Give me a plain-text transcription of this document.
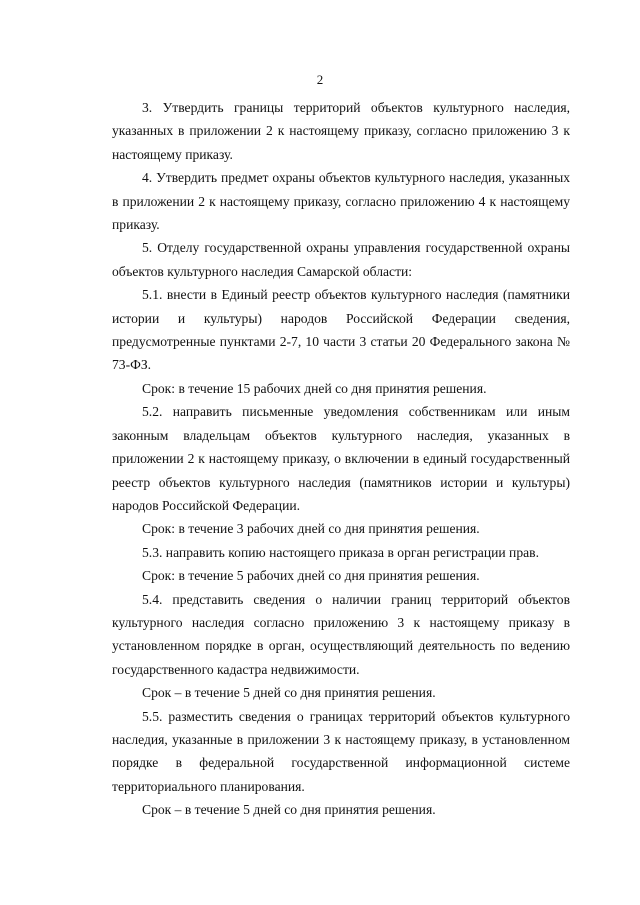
2

3. Утвердить границы территорий объектов культурного наследия, указанных в приложении 2 к настоящему приказу, согласно приложению 3 к настоящему приказу.

4. Утвердить предмет охраны объектов культурного наследия, указанных в приложении 2 к настоящему приказу, согласно приложению 4 к настоящему приказу.

5. Отделу государственной охраны управления государственной охраны объектов культурного наследия Самарской области:

5.1. внести в Единый реестр объектов культурного наследия (памятники истории и культуры) народов Российской Федерации сведения, предусмотренные пунктами 2-7, 10 части 3 статьи 20 Федерального закона № 73-ФЗ.

Срок: в течение 15 рабочих дней со дня принятия решения.

5.2. направить письменные уведомления собственникам или иным законным владельцам объектов культурного наследия, указанных в приложении 2 к настоящему приказу, о включении в единый государственный реестр объектов культурного наследия (памятников истории и культуры) народов Российской Федерации.

Срок: в течение 3 рабочих дней со дня принятия решения.

5.3. направить копию настоящего приказа в орган регистрации прав.

Срок: в течение 5 рабочих дней со дня принятия решения.

5.4. представить сведения о наличии границ территорий объектов культурного наследия согласно приложению 3 к настоящему приказу в установленном порядке в орган, осуществляющий деятельность по ведению государственного кадастра недвижимости.

Срок – в течение 5 дней со дня принятия решения.

5.5. разместить сведения о границах территорий объектов культурного наследия, указанные в приложении 3 к настоящему приказу, в установленном порядке в федеральной государственной информационной системе территориального планирования.

Срок – в течение 5 дней со дня принятия решения.
